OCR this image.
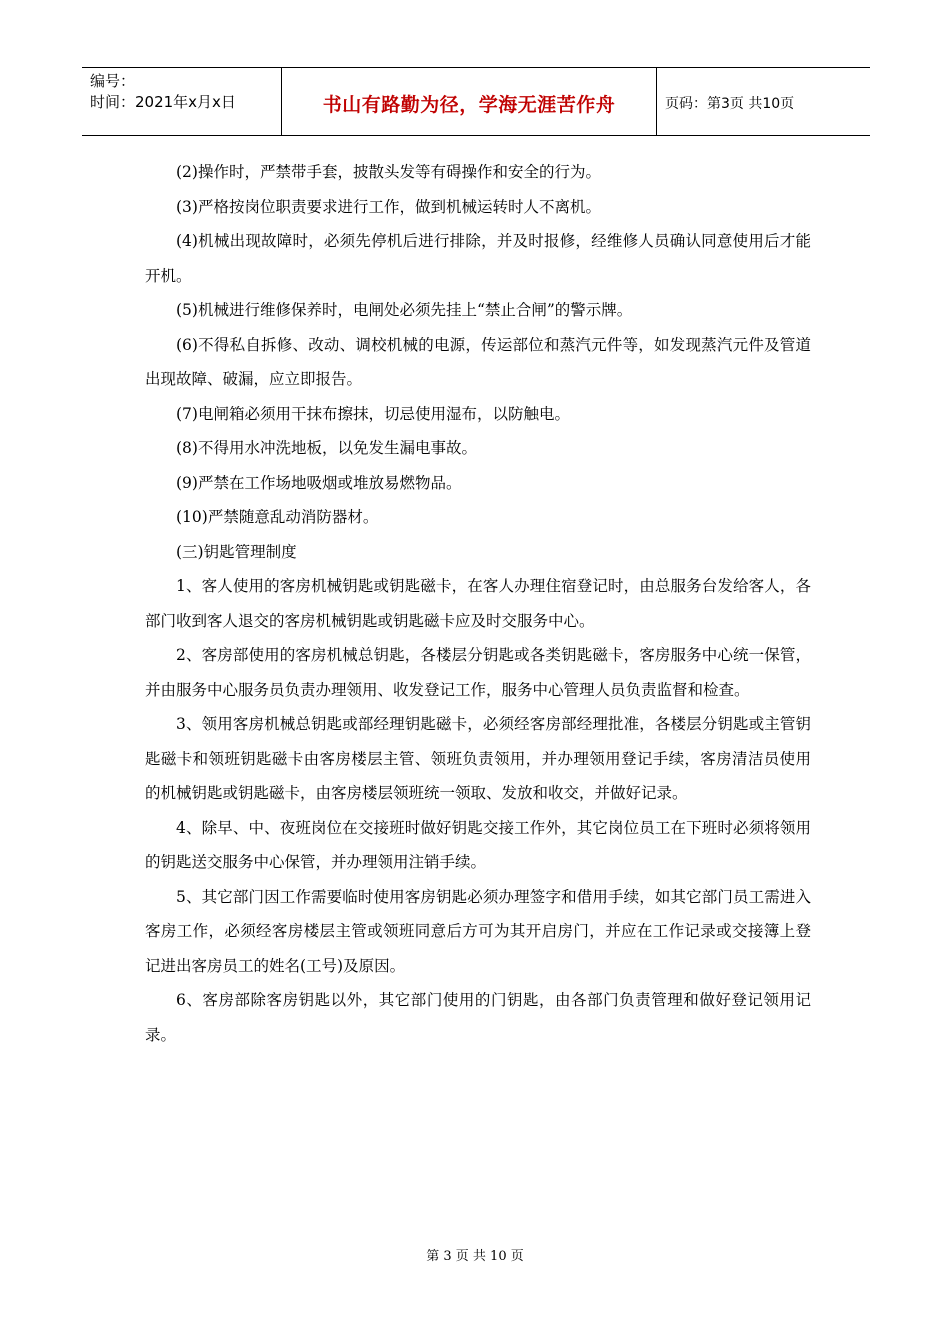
编号：
时间：2021年x月x日	书山有路勤为径，学海无涯苦作舟	页码：第3页 共10页

(2)操作时，严禁带手套，披散头发等有碍操作和安全的行为。

(3)严格按岗位职责要求进行工作，做到机械运转时人不离机。

(4)机械出现故障时，必须先停机后进行排除，并及时报修，经维修人员确认同意使用后才能开机。

(5)机械进行维修保养时，电闸处必须先挂上“禁止合闸”的警示牌。

(6)不得私自拆修、改动、调校机械的电源，传运部位和蒸汽元件等，如发现蒸汽元件及管道出现故障、破漏，应立即报告。

(7)电闸箱必须用干抹布擦抹，切忌使用湿布，以防触电。

(8)不得用水冲洗地板，以免发生漏电事故。

(9)严禁在工作场地吸烟或堆放易燃物品。

(10)严禁随意乱动消防器材。

(三)钥匙管理制度

1、客人使用的客房机械钥匙或钥匙磁卡，在客人办理住宿登记时，由总服务台发给客人，各部门收到客人退交的客房机械钥匙或钥匙磁卡应及时交服务中心。

2、客房部使用的客房机械总钥匙，各楼层分钥匙或各类钥匙磁卡，客房服务中心统一保管，并由服务中心服务员负责办理领用、收发登记工作，服务中心管理人员负责监督和检查。

3、领用客房机械总钥匙或部经理钥匙磁卡，必须经客房部经理批准，各楼层分钥匙或主管钥匙磁卡和领班钥匙磁卡由客房楼层主管、领班负责领用，并办理领用登记手续，客房清洁员使用的机械钥匙或钥匙磁卡，由客房楼层领班统一领取、发放和收交，并做好记录。

4、除早、中、夜班岗位在交接班时做好钥匙交接工作外，其它岗位员工在下班时必须将领用的钥匙送交服务中心保管，并办理领用注销手续。

5、其它部门因工作需要临时使用客房钥匙必须办理签字和借用手续，如其它部门员工需进入客房工作，必须经客房楼层主管或领班同意后方可为其开启房门，并应在工作记录或交接簿上登记进出客房员工的姓名(工号)及原因。

6、客房部除客房钥匙以外，其它部门使用的门钥匙，由各部门负责管理和做好登记领用记录。

第 3 页 共 10 页
